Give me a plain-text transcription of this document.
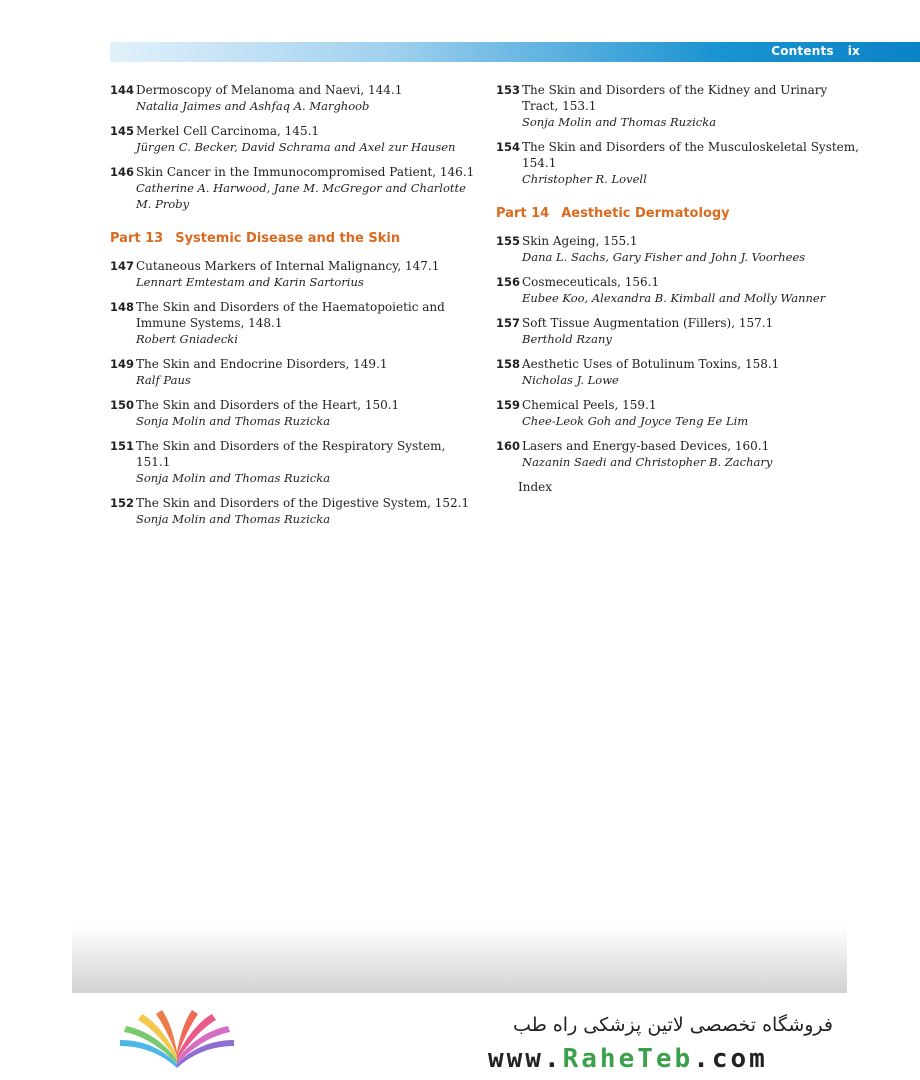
Contents ix
144 Dermoscopy of Melanoma and Naevi, 144.1
Natalia Jaimes and Ashfaq A. Marghoob
145 Merkel Cell Carcinoma, 145.1
Jürgen C. Becker, David Schrama and Axel zur Hausen
146 Skin Cancer in the Immunocompromised Patient, 146.1
Catherine A. Harwood, Jane M. McGregor and Charlotte M. Proby
Part 13 Systemic Disease and the Skin
147 Cutaneous Markers of Internal Malignancy, 147.1
Lennart Emtestam and Karin Sartorius
148 The Skin and Disorders of the Haematopoietic and Immune Systems, 148.1
Robert Gniadecki
149 The Skin and Endocrine Disorders, 149.1
Ralf Paus
150 The Skin and Disorders of the Heart, 150.1
Sonja Molin and Thomas Ruzicka
151 The Skin and Disorders of the Respiratory System, 151.1
Sonja Molin and Thomas Ruzicka
152 The Skin and Disorders of the Digestive System, 152.1
Sonja Molin and Thomas Ruzicka
153 The Skin and Disorders of the Kidney and Urinary Tract, 153.1
Sonja Molin and Thomas Ruzicka
154 The Skin and Disorders of the Musculoskeletal System, 154.1
Christopher R. Lovell
Part 14 Aesthetic Dermatology
155 Skin Ageing, 155.1
Dana L. Sachs, Gary Fisher and John J. Voorhees
156 Cosmeceuticals, 156.1
Eubee Koo, Alexandra B. Kimball and Molly Wanner
157 Soft Tissue Augmentation (Fillers), 157.1
Berthold Rzany
158 Aesthetic Uses of Botulinum Toxins, 158.1
Nicholas J. Lowe
159 Chemical Peels, 159.1
Chee-Leok Goh and Joyce Teng Ee Lim
160 Lasers and Energy-based Devices, 160.1
Nazanin Saedi and Christopher B. Zachary
Index
فروشگاه تخصصی لاتین پزشکی راه طب
www.RaheTeb.com
